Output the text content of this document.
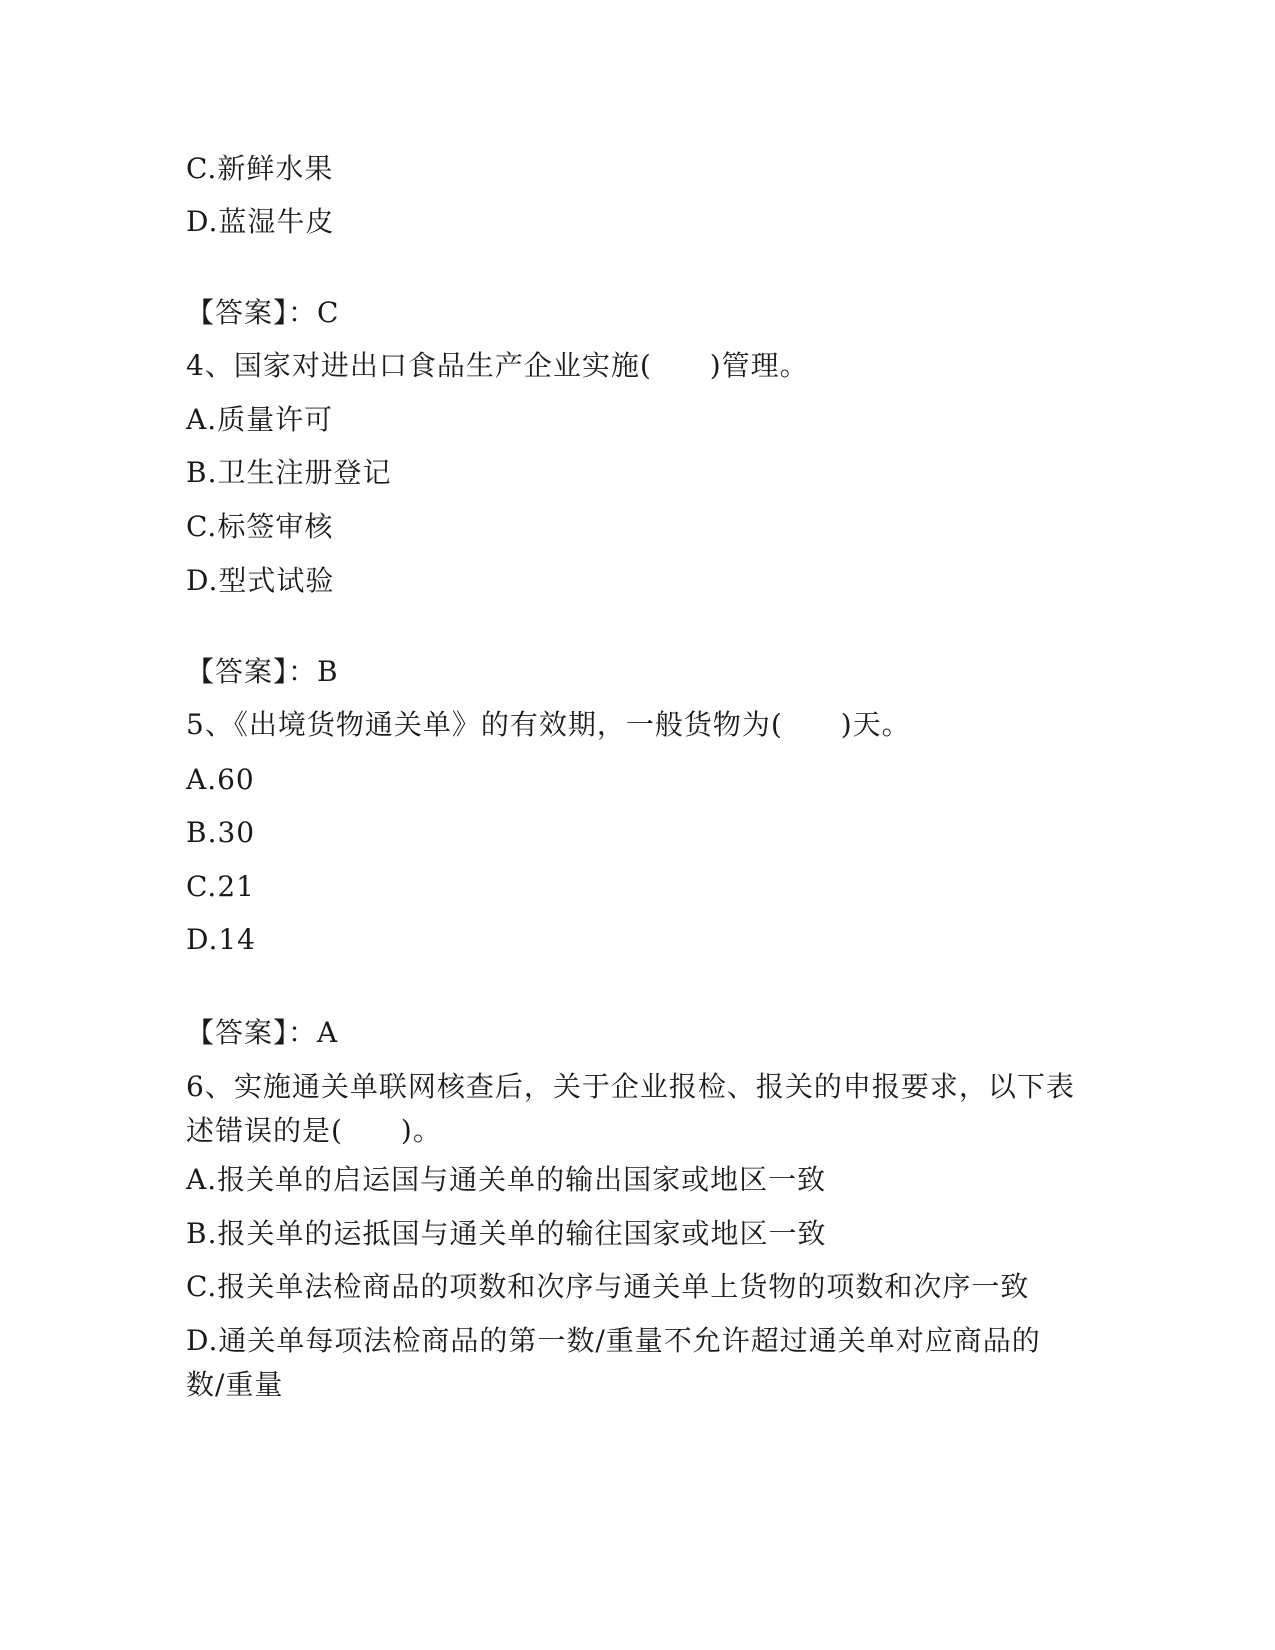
C.新鲜水果
D.蓝湿牛皮
【答案】：C
4、国家对进出口食品生产企业实施(　　)管理。
A.质量许可
B.卫生注册登记
C.标签审核
D.型式试验
【答案】：B
5、《出境货物通关单》的有效期，一般货物为(　　)天。
A.60
B.30
C.21
D.14
【答案】：A
6、实施通关单联网核查后，关于企业报检、报关的申报要求，以下表述错误的是(　　)。
A.报关单的启运国与通关单的输出国家或地区一致
B.报关单的运抵国与通关单的输往国家或地区一致
C.报关单法检商品的项数和次序与通关单上货物的项数和次序一致
D.通关单每项法检商品的第一数/重量不允许超过通关单对应商品的数/重量
